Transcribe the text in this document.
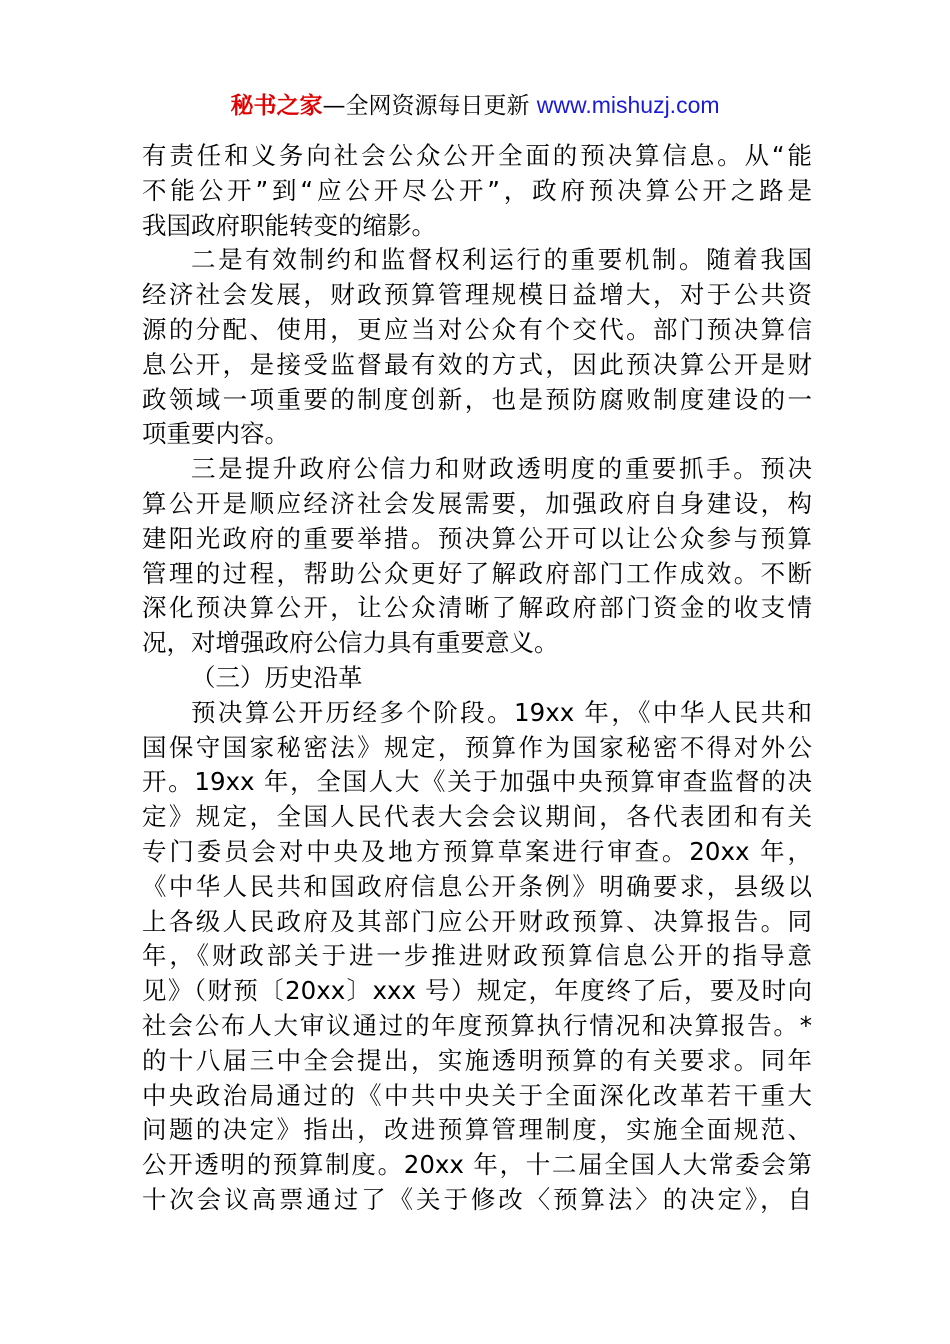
秘书之家—全网资源每日更新 www.mishuzj.com
有责任和义务向社会公众公开全面的预决算信息。从“能
不能公开”到“应公开尽公开”，政府预决算公开之路是
我国政府职能转变的缩影。
二是有效制约和监督权利运行的重要机制。随着我国
经济社会发展，财政预算管理规模日益增大，对于公共资
源的分配、使用，更应当对公众有个交代。部门预决算信
息公开，是接受监督最有效的方式，因此预决算公开是财
政领域一项重要的制度创新，也是预防腐败制度建设的一
项重要内容。
三是提升政府公信力和财政透明度的重要抓手。预决
算公开是顺应经济社会发展需要，加强政府自身建设，构
建阳光政府的重要举措。预决算公开可以让公众参与预算
管理的过程，帮助公众更好了解政府部门工作成效。不断
深化预决算公开，让公众清晰了解政府部门资金的收支情
况，对增强政府公信力具有重要意义。
（三）历史沿革
预决算公开历经多个阶段。19xx 年，《中华人民共和
国保守国家秘密法》规定，预算作为国家秘密不得对外公
开。19xx 年，全国人大《关于加强中央预算审查监督的决
定》规定，全国人民代表大会会议期间，各代表团和有关
专门委员会对中央及地方预算草案进行审查。20xx 年，
《中华人民共和国政府信息公开条例》明确要求，县级以
上各级人民政府及其部门应公开财政预算、决算报告。同
年，《财政部关于进一步推进财政预算信息公开的指导意
见》（财预〔20xx〕xxx 号）规定，年度终了后，要及时向
社会公布人大审议通过的年度预算执行情况和决算报告。*
的十八届三中全会提出，实施透明预算的有关要求。同年
中央政治局通过的《中共中央关于全面深化改革若干重大
问题的决定》指出，改进预算管理制度，实施全面规范、
公开透明的预算制度。20xx 年，十二届全国人大常委会第
十次会议高票通过了《关于修改〈预算法〉的决定》，自
